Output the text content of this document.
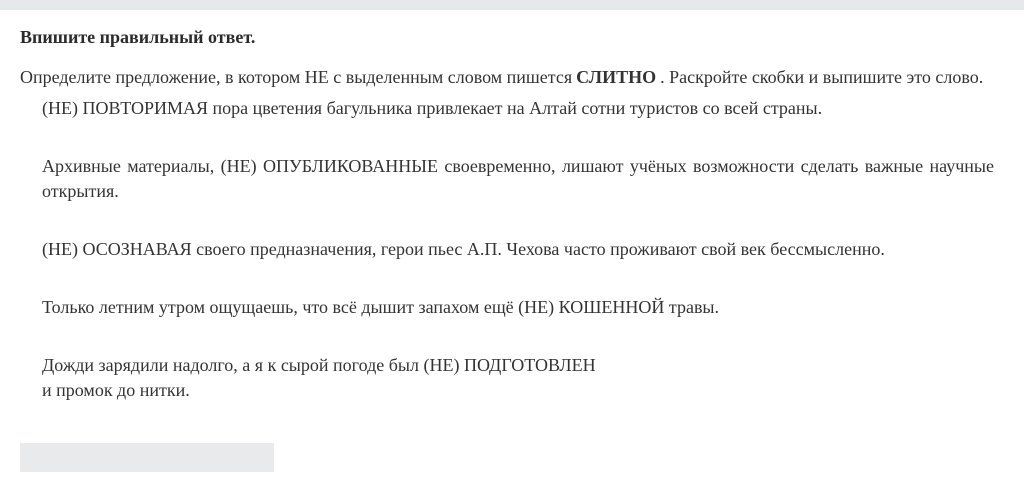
Впишите правильный ответ.
Определите предложение, в котором НЕ с выделенным словом пишется СЛИТНО . Раскройте скобки и выпишите это слово.
(НЕ) ПОВТОРИМАЯ пора цветения багульника привлекает на Алтай сотни туристов со всей страны.
Архивные материалы, (НЕ) ОПУБЛИКОВАННЫЕ своевременно, лишают учёных возможности сделать важные научные открытия.
(НЕ) ОСОЗНАВАЯ своего предназначения, герои пьес А.П. Чехова часто проживают свой век бессмысленно.
Только летним утром ощущаешь, что всё дышит запахом ещё (НЕ) КОШЕННОЙ травы.
Дожди зарядили надолго, а я к сырой погоде был (НЕ) ПОДГОТОВЛЕН
и промок до нитки.
